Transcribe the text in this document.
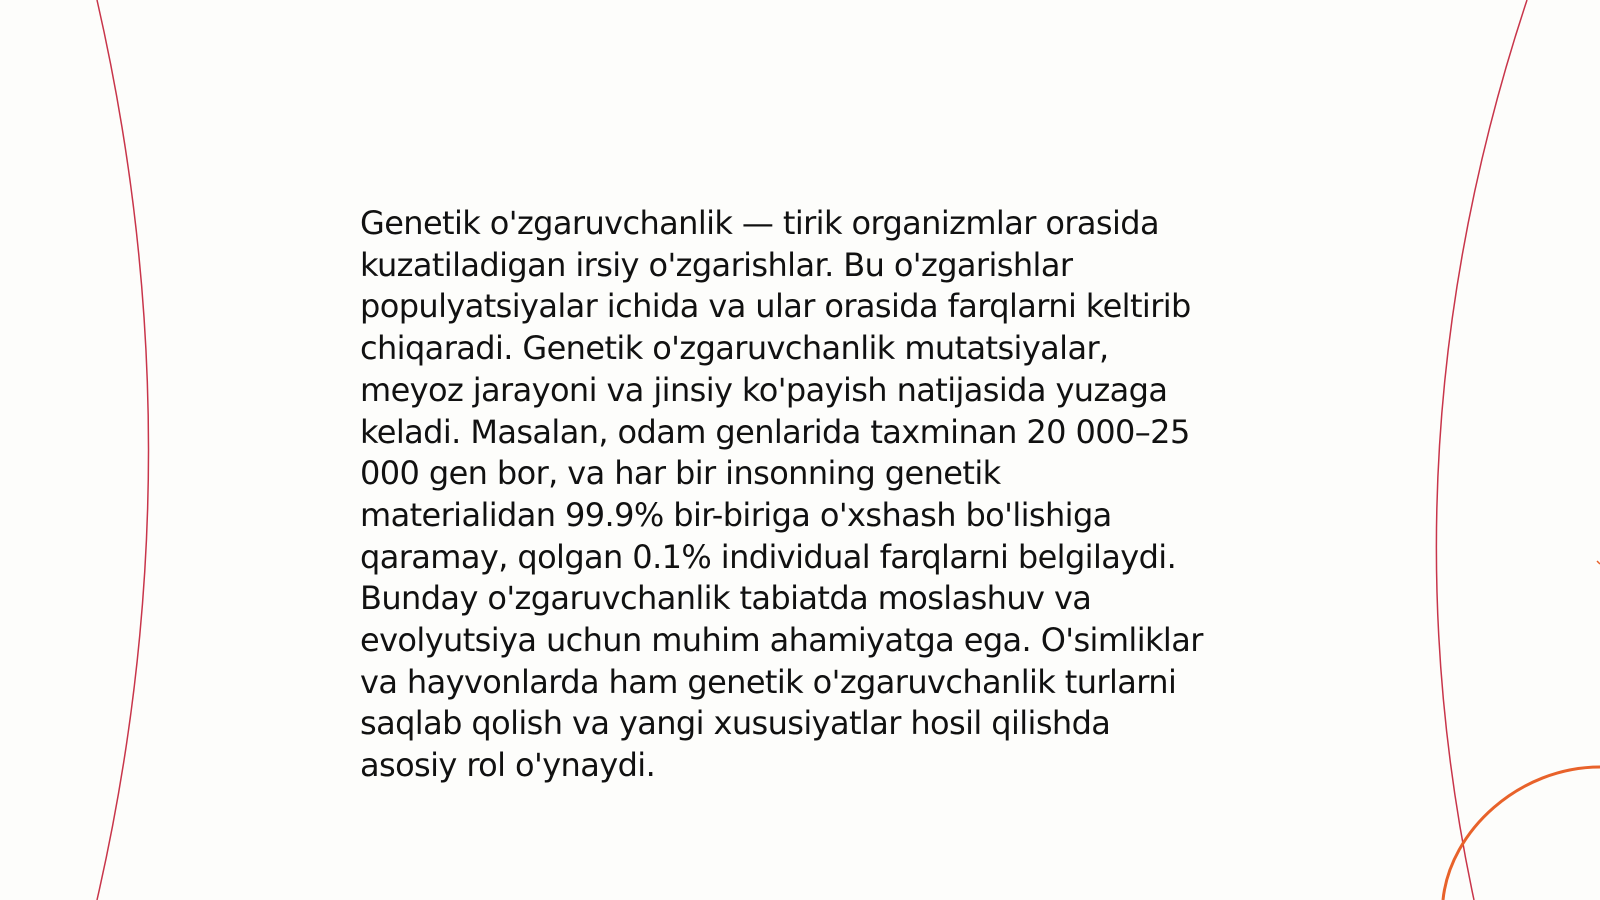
Genetik o'zgaruvchanlik — tirik organizmlar orasida
kuzatiladigan irsiy o'zgarishlar. Bu o'zgarishlar
populyatsiyalar ichida va ular orasida farqlarni keltirib
chiqaradi. Genetik o'zgaruvchanlik mutatsiyalar,
meyoz jarayoni va jinsiy ko'payish natijasida yuzaga
keladi. Masalan, odam genlarida taxminan 20 000–25
000 gen bor, va har bir insonning genetik
materialidan 99.9% bir-biriga o'xshash bo'lishiga
qaramay, qolgan 0.1% individual farqlarni belgilaydi.
Bunday o'zgaruvchanlik tabiatda moslashuv va
evolyutsiya uchun muhim ahamiyatga ega. O'simliklar
va hayvonlarda ham genetik o'zgaruvchanlik turlarni
saqlab qolish va yangi xususiyatlar hosil qilishda
asosiy rol o'ynaydi.
